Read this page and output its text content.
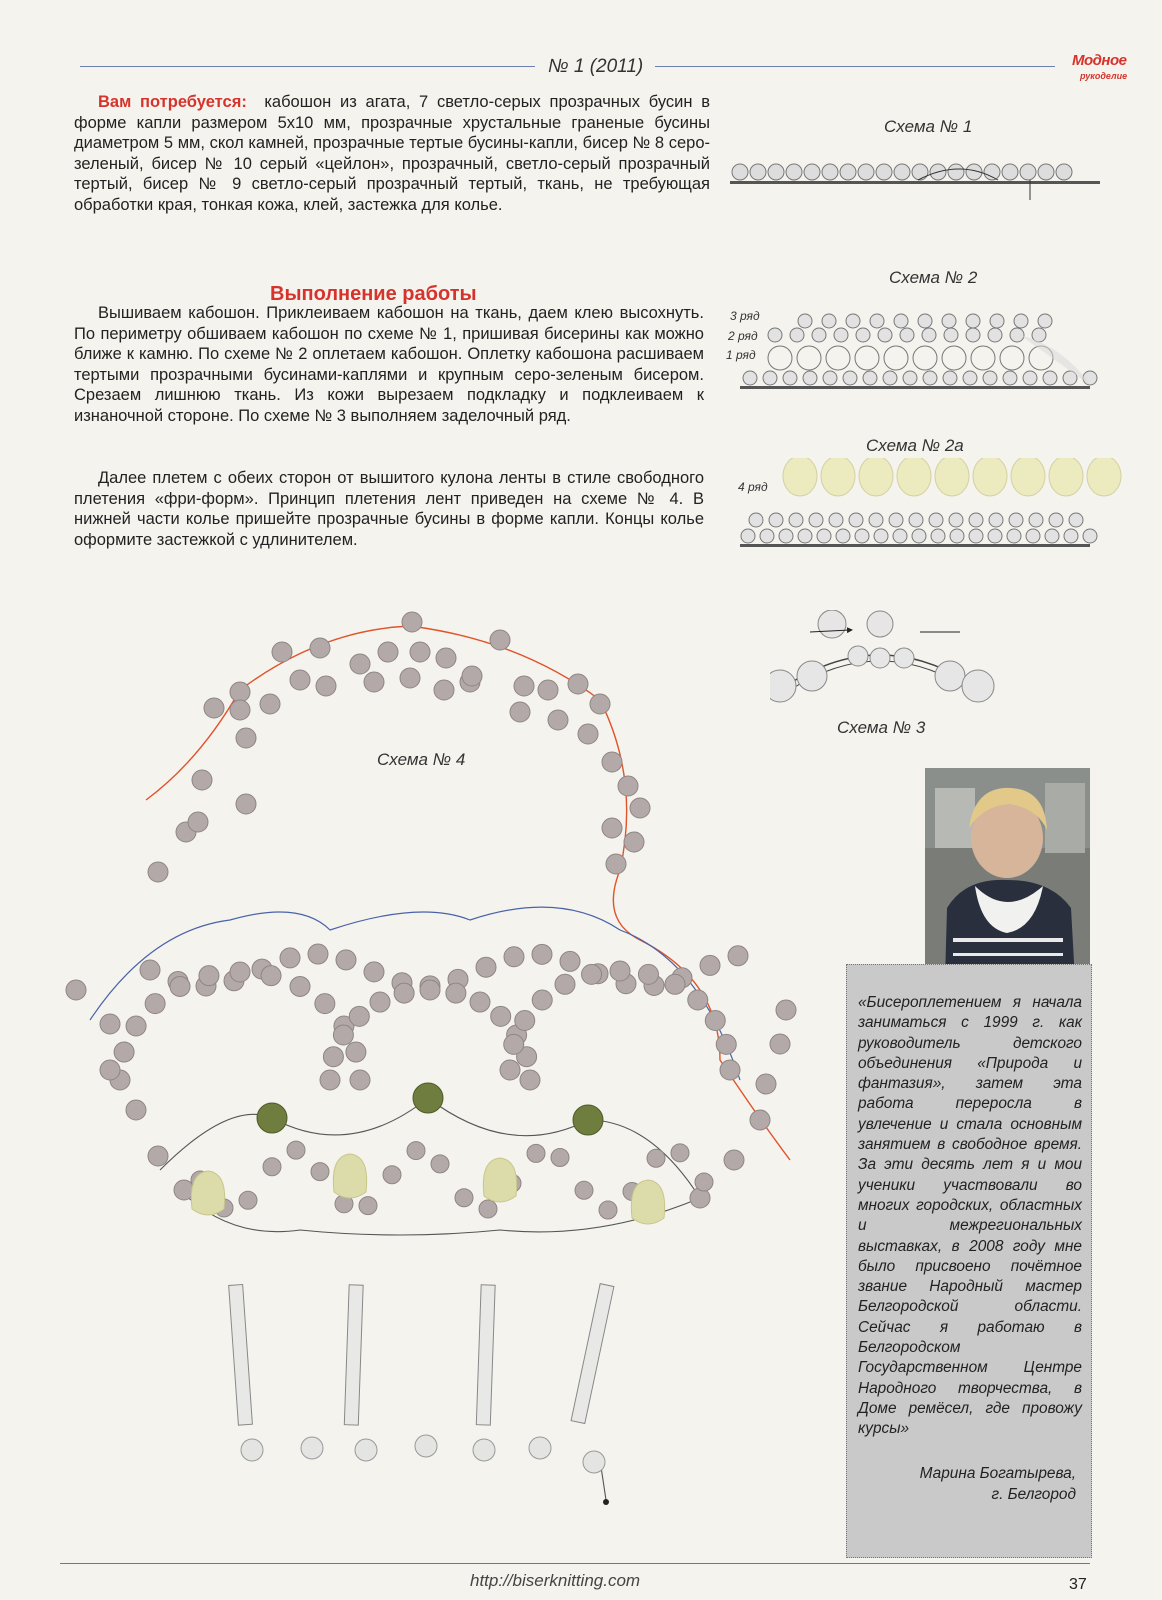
№ 1 (2011)	Модное
рукоделие
Вам потребуется: кабошон из агата, 7 светло-серых прозрачных бусин в форме капли размером 5х10 мм, прозрачные хрустальные граненые бусины диаметром 5 мм, скол камней, прозрачные тертые бусины-капли, бисер № 8 серо-зеленый, бисер № 10 серый «цейлон», прозрачный, светло-серый прозрачный тертый, бисер № 9 светло-серый прозрачный тертый, ткань, не требующая обработки края, тонкая кожа, клей, застежка для колье.
Выполнение работы
Вышиваем кабошон. Приклеиваем кабошон на ткань, даем клею высохнуть. По периметру обшиваем кабошон по схеме № 1, пришивая бисерины как можно ближе к камню. По схеме № 2 оплетаем кабошон. Оплетку кабошона расшиваем тертыми прозрачными бусинами-каплями и крупным серо-зеленым бисером. Срезаем лишнюю ткань. Из кожи вырезаем подкладку и подклеиваем к изнаночной стороне. По схеме № 3 выполняем заделочный ряд.
Далее плетем с обеих сторон от вышитого кулона ленты в стиле свободного плетения «фри-форм». Принцип плетения лент приведен на схеме № 4. В нижней части колье пришейте прозрачные бусины в форме капли. Концы колье оформите застежкой с удлинителем.
Схема № 1
Схема № 2
3 ряд
2 ряд
1 ряд
Схема № 2а
4 ряд
Схема № 3
Схема № 4
«Бисероплетением я начала заниматься с 1999 г. как руководитель детского объединения «Природа и фантазия», затем эта работа переросла в увлечение и стала основным занятием в свободное время. За эти десять лет я и мои ученики участвовали во многих городских, областных и межрегиональных выставках, в 2008 году мне было присвоено почётное звание Народный мастер Белгородской области. Сейчас я работаю в Белгородском Государственном Центре Народного творчества, в Доме ремёсел, где провожу курсы»
Марина Богатырева,
г. Белгород
http://biserknitting.com	37
